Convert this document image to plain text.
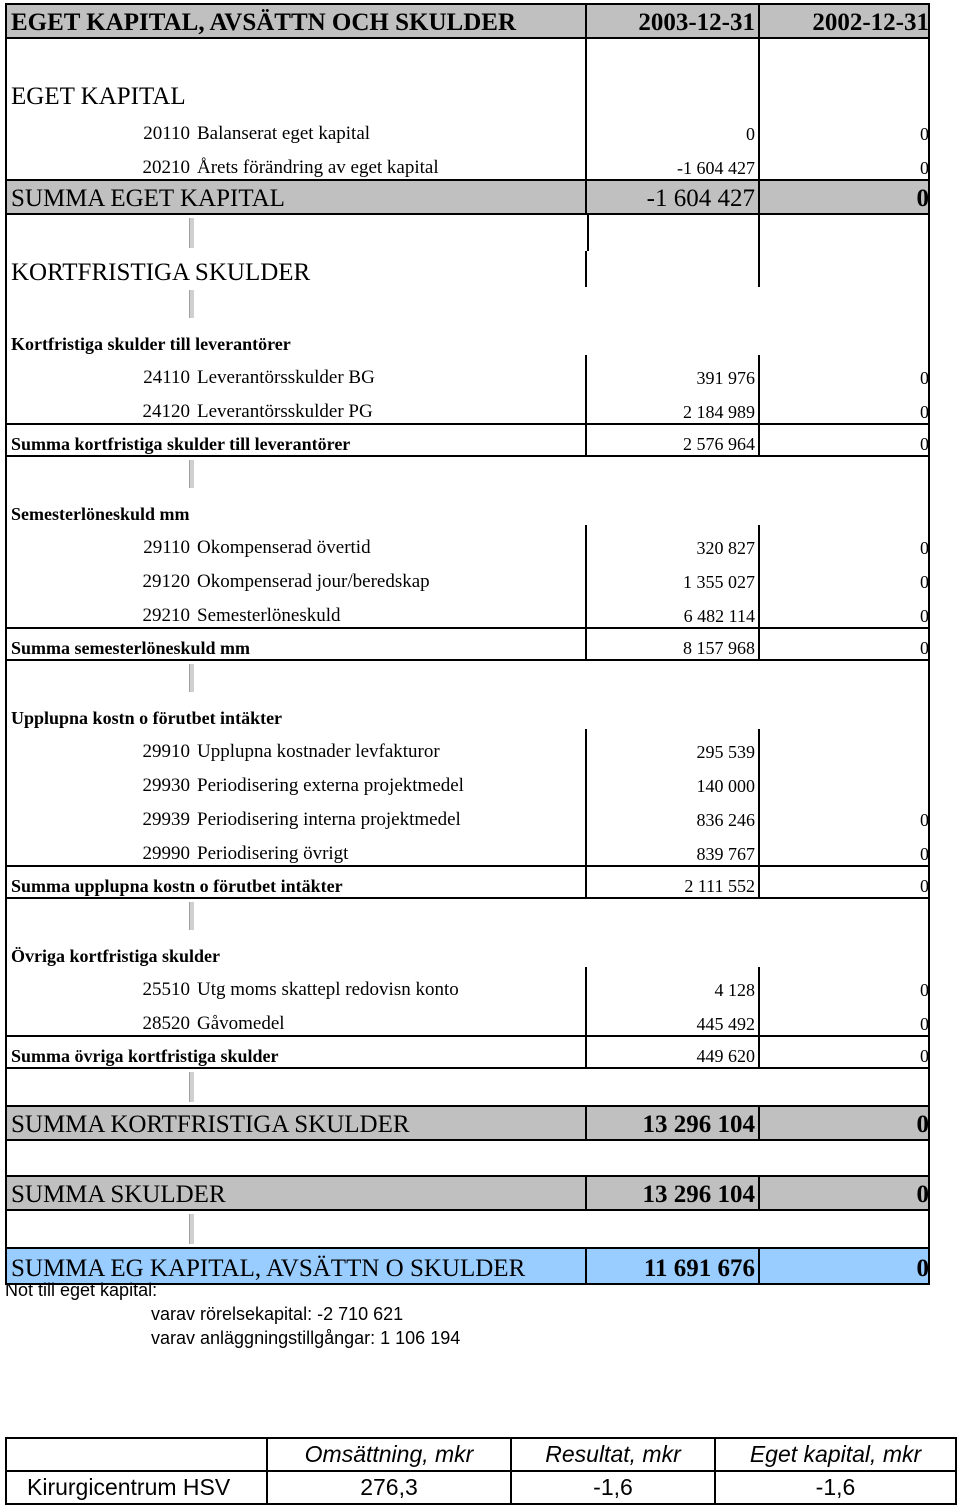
EGET KAPITAL, AVSÄTTN OCH SKULDER	2003-12-31 2002-12-31
EGET KAPITAL
20110 Balanserat eget kapital	0	0
20210 Årets förändring av eget kapital	-1 604 427	0
SUMMA EGET KAPITAL	-1 604 427	0
KORTFRISTIGA SKULDER
Kortfristiga skulder till leverantörer
24110 Leverantörsskulder BG	391 976	0
24120 Leverantörsskulder PG	2 184 989	0
Summa kortfristiga skulder till leverantörer	2 576 964	0
Semesterlöneskuld mm
29110 Okompenserad övertid	320 827	0
29120 Okompenserad jour/beredskap	1 355 027	0
29210 Semesterlöneskuld	6 482 114	0
Summa semesterlöneskuld mm	8 157 968	0
Upplupna kostn o förutbet intäkter
29910 Upplupna kostnader levfakturor	295 539
29930 Periodisering externa projektmedel	140 000
29939 Periodisering interna projektmedel	836 246	0
29990 Periodisering övrigt	839 767	0
Summa upplupna kostn o förutbet intäkter	2 111 552	0
Övriga kortfristiga skulder
25510 Utg moms skattepl redovisn konto	4 128	0
28520 Gåvomedel	445 492	0
Summa övriga kortfristiga skulder	449 620	0
SUMMA KORTFRISTIGA SKULDER	13 296 104	0
SUMMA SKULDER	13 296 104	0
SUMMA EG KAPITAL, AVSÄTTN O SKULDER	11 691 676	0
Not till eget kapital:
varav rörelsekapital: -2 710 621
varav anläggningstillgångar: 1 106 194
	Omsättning, mkr	Resultat, mkr	Eget kapital, mkr
Kirurgicentrum HSV	276,3	-1,6	-1,6
